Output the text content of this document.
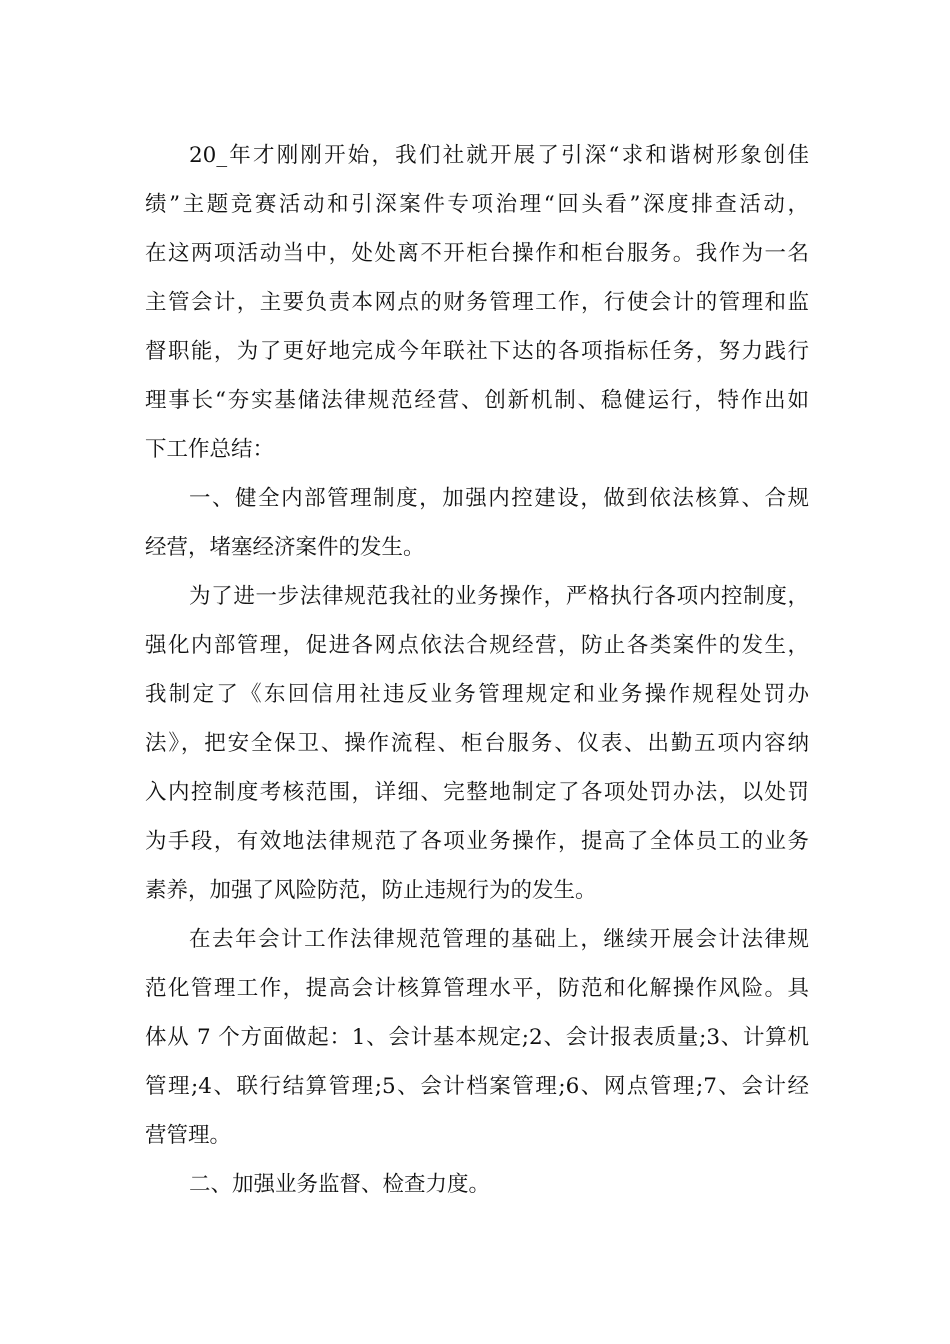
20_年才刚刚开始，我们社就开展了引深“求和谐树形象创佳
绩”主题竞赛活动和引深案件专项治理“回头看”深度排查活动，
在这两项活动当中，处处离不开柜台操作和柜台服务。我作为一名
主管会计，主要负责本网点的财务管理工作，行使会计的管理和监
督职能，为了更好地完成今年联社下达的各项指标任务，努力践行
理事长“夯实基储法律规范经营、创新机制、稳健运行，特作出如
下工作总结：
一、健全内部管理制度，加强内控建设，做到依法核算、合规
经营，堵塞经济案件的发生。
为了进一步法律规范我社的业务操作，严格执行各项内控制度，
强化内部管理，促进各网点依法合规经营，防止各类案件的发生，
我制定了《东回信用社违反业务管理规定和业务操作规程处罚办
法》，把安全保卫、操作流程、柜台服务、仪表、出勤五项内容纳
入内控制度考核范围，详细、完整地制定了各项处罚办法，以处罚
为手段，有效地法律规范了各项业务操作，提高了全体员工的业务
素养，加强了风险防范，防止违规行为的发生。
在去年会计工作法律规范管理的基础上，继续开展会计法律规
范化管理工作，提高会计核算管理水平，防范和化解操作风险。具
体从 7 个方面做起：1、会计基本规定;2、会计报表质量;3、计算机
管理;4、联行结算管理;5、会计档案管理;6、网点管理;7、会计经
营管理。
二、加强业务监督、检查力度。
